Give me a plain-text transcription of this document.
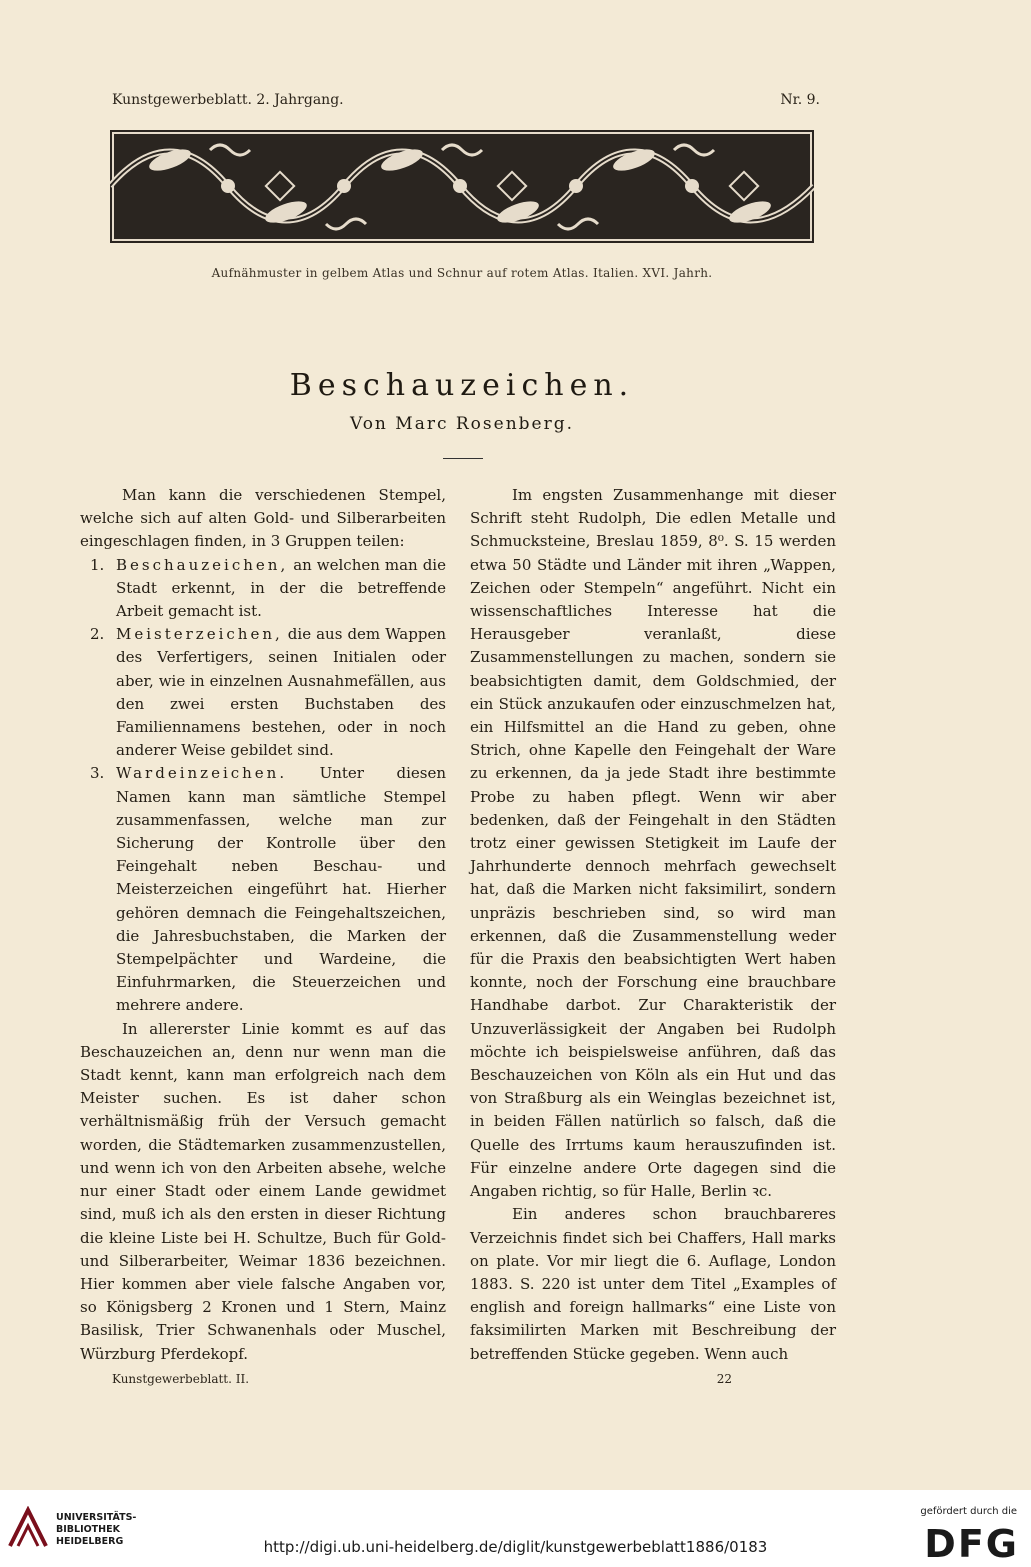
Kunstgewerbeblatt. 2. Jahrgang.	Nr. 9.
Aufnähmuster in gelbem Atlas und Schnur auf rotem Atlas. Italien. XVI. Jahrh.
Beschauzeichen.
Von Marc Rosenberg.

Man kann die verschiedenen Stempel, welche sich auf alten Gold- und Silberarbeiten eingeschlagen finden, in 3 Gruppen teilen:

1. Beschauzeichen, an welchen man die Stadt erkennt, in der die betreffende Arbeit gemacht ist.
2. Meisterzeichen, die aus dem Wappen des Verfertigers, seinen Initialen oder aber, wie in einzelnen Ausnahmefällen, aus den zwei ersten Buchstaben des Familiennamens bestehen, oder in noch anderer Weise gebildet sind.
3. Wardeinzeichen. Unter diesen Namen kann man sämtliche Stempel zusammenfassen, welche man zur Sicherung der Kontrolle über den Feingehalt neben Beschau- und Meisterzeichen eingeführt hat. Hierher gehören demnach die Feingehaltszeichen, die Jahresbuchstaben, die Marken der Stempelpächter und Wardeine, die Einfuhrmarken, die Steuerzeichen und mehrere andere.

In allererster Linie kommt es auf das Beschauzeichen an, denn nur wenn man die Stadt kennt, kann man erfolgreich nach dem Meister suchen. Es ist daher schon verhältnismäßig früh der Versuch gemacht worden, die Städtemarken zusammenzustellen, und wenn ich von den Arbeiten absehe, welche nur einer Stadt oder einem Lande gewidmet sind, muß ich als den ersten in dieser Richtung die kleine Liste bei H. Schultze, Buch für Gold- und Silberarbeiter, Weimar 1836 bezeichnen. Hier kommen aber viele falsche Angaben vor, so Königsberg 2 Kronen und 1 Stern, Mainz Basilisk, Trier Schwanenhals oder Muschel, Würzburg Pferdekopf.

Im engsten Zusammenhange mit dieser Schrift steht Rudolph, Die edlen Metalle und Schmucksteine, Breslau 1859, 8⁰. S. 15 werden etwa 50 Städte und Länder mit ihren „Wappen, Zeichen oder Stempeln“ angeführt. Nicht ein wissenschaftliches Interesse hat die Herausgeber veranlaßt, diese Zusammenstellungen zu machen, sondern sie beabsichtigten damit, dem Goldschmied, der ein Stück anzukaufen oder einzuschmelzen hat, ein Hilfsmittel an die Hand zu geben, ohne Strich, ohne Kapelle den Feingehalt der Ware zu erkennen, da ja jede Stadt ihre bestimmte Probe zu haben pflegt. Wenn wir aber bedenken, daß der Feingehalt in den Städten trotz einer gewissen Stetigkeit im Laufe der Jahrhunderte dennoch mehrfach gewechselt hat, daß die Marken nicht faksimilirt, sondern unpräzis beschrieben sind, so wird man erkennen, daß die Zusammenstellung weder für die Praxis den beabsichtigten Wert haben konnte, noch der Forschung eine brauchbare Handhabe darbot. Zur Charakteristik der Unzuverlässigkeit der Angaben bei Rudolph möchte ich beispielsweise anführen, daß das Beschauzeichen von Köln als ein Hut und das von Straßburg als ein Weinglas bezeichnet ist, in beiden Fällen natürlich so falsch, daß die Quelle des Irrtums kaum herauszufinden ist. Für einzelne andere Orte dagegen sind die Angaben richtig, so für Halle, Berlin ꝛc.

Ein anderes schon brauchbareres Verzeichnis findet sich bei Chaffers, Hall marks on plate. Vor mir liegt die 6. Auflage, London 1883. S. 220 ist unter dem Titel „Examples of english and foreign hallmarks“ eine Liste von faksimilirten Marken mit Beschreibung der betreffenden Stücke gegeben. Wenn auch

Kunstgewerbeblatt. II.	22
UNIVERSITÄTS-
BIBLIOTHEK
HEIDELBERG	http://digi.ub.uni-heidelberg.de/diglit/kunstgewerbeblatt1886/0183
gefördert durch die
DFG
